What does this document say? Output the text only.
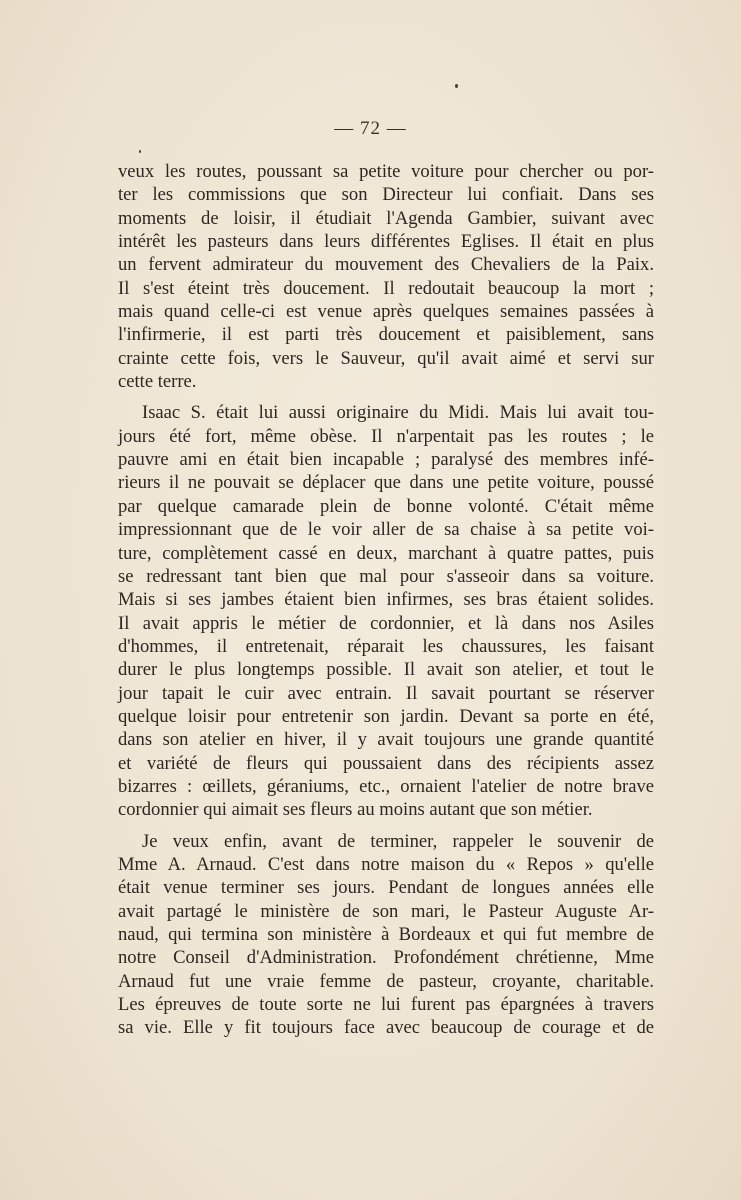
— 72 —
veux les routes, poussant sa petite voiture pour chercher ou por-
ter les commissions que son Directeur lui confiait. Dans ses
moments de loisir, il étudiait l'Agenda Gambier, suivant avec
intérêt les pasteurs dans leurs différentes Eglises. Il était en plus
un fervent admirateur du mouvement des Chevaliers de la Paix.
Il s'est éteint très doucement. Il redoutait beaucoup la mort ;
mais quand celle-ci est venue après quelques semaines passées à
l'infirmerie, il est parti très doucement et paisiblement, sans
crainte cette fois, vers le Sauveur, qu'il avait aimé et servi sur
cette terre.
Isaac S. était lui aussi originaire du Midi. Mais lui avait tou-
jours été fort, même obèse. Il n'arpentait pas les routes ; le
pauvre ami en était bien incapable ; paralysé des membres infé-
rieurs il ne pouvait se déplacer que dans une petite voiture, poussé
par quelque camarade plein de bonne volonté. C'était même
impressionnant que de le voir aller de sa chaise à sa petite voi-
ture, complètement cassé en deux, marchant à quatre pattes, puis
se redressant tant bien que mal pour s'asseoir dans sa voiture.
Mais si ses jambes étaient bien infirmes, ses bras étaient solides.
Il avait appris le métier de cordonnier, et là dans nos Asiles
d'hommes, il entretenait, réparait les chaussures, les faisant
durer le plus longtemps possible. Il avait son atelier, et tout le
jour tapait le cuir avec entrain. Il savait pourtant se réserver
quelque loisir pour entretenir son jardin. Devant sa porte en été,
dans son atelier en hiver, il y avait toujours une grande quantité
et variété de fleurs qui poussaient dans des récipients assez
bizarres : œillets, géraniums, etc., ornaient l'atelier de notre brave
cordonnier qui aimait ses fleurs au moins autant que son métier.
Je veux enfin, avant de terminer, rappeler le souvenir de
Mme A. Arnaud. C'est dans notre maison du « Repos » qu'elle
était venue terminer ses jours. Pendant de longues années elle
avait partagé le ministère de son mari, le Pasteur Auguste Ar-
naud, qui termina son ministère à Bordeaux et qui fut membre de
notre Conseil d'Administration. Profondément chrétienne, Mme
Arnaud fut une vraie femme de pasteur, croyante, charitable.
Les épreuves de toute sorte ne lui furent pas épargnées à travers
sa vie. Elle y fit toujours face avec beaucoup de courage et de
